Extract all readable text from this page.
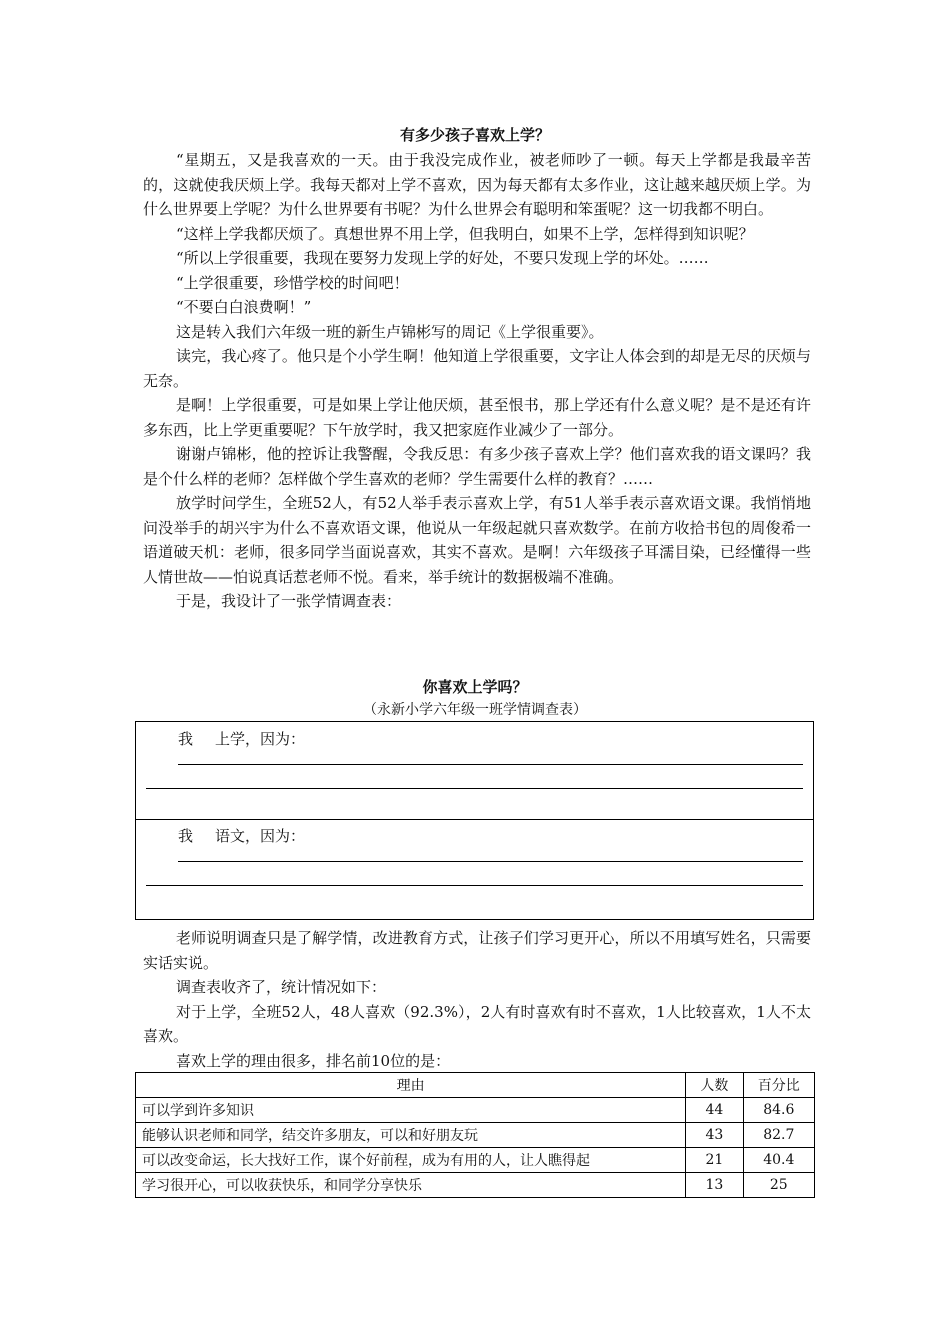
有多少孩子喜欢上学？

“星期五，又是我喜欢的一天。由于我没完成作业，被老师吵了一顿。每天上学都是我最辛苦的，这就使我厌烦上学。我每天都对上学不喜欢，因为每天都有太多作业，这让越来越厌烦上学。为什么世界要上学呢？为什么世界要有书呢？为什么世界会有聪明和笨蛋呢？这一切我都不明白。

“这样上学我都厌烦了。真想世界不用上学，但我明白，如果不上学，怎样得到知识呢？

“所以上学很重要，我现在要努力发现上学的好处，不要只发现上学的坏处。……

“上学很重要，珍惜学校的时间吧！

“不要白白浪费啊！”

这是转入我们六年级一班的新生卢锦彬写的周记《上学很重要》。

读完，我心疼了。他只是个小学生啊！他知道上学很重要，文字让人体会到的却是无尽的厌烦与无奈。

是啊！上学很重要，可是如果上学让他厌烦，甚至恨书，那上学还有什么意义呢？是不是还有许多东西，比上学更重要呢？下午放学时，我又把家庭作业减少了一部分。

谢谢卢锦彬，他的控诉让我警醒，令我反思：有多少孩子喜欢上学？他们喜欢我的语文课吗？我是个什么样的老师？怎样做个学生喜欢的老师？学生需要什么样的教育？……

放学时问学生，全班52人，有52人举手表示喜欢上学，有51人举手表示喜欢语文课。我悄悄地问没举手的胡兴宇为什么不喜欢语文课，他说从一年级起就只喜欢数学。在前方收拾书包的周俊希一语道破天机：老师，很多同学当面说喜欢，其实不喜欢。是啊！六年级孩子耳濡目染，已经懂得一些人情世故——怕说真话惹老师不悦。看来，举手统计的数据极端不准确。

于是，我设计了一张学情调查表：

你喜欢上学吗？
（永新小学六年级一班学情调查表）
我 上学，因为：
我 语文，因为：

老师说明调查只是了解学情，改进教育方式，让孩子们学习更开心，所以不用填写姓名，只需要实话实说。

调查表收齐了，统计情况如下：

对于上学，全班52人，48人喜欢（92.3%），2人有时喜欢有时不喜欢，1人比较喜欢，1人不太喜欢。

喜欢上学的理由很多，排名前10位的是：

理由	人数	百分比
可以学到许多知识	44	84.6
能够认识老师和同学，结交许多朋友，可以和好朋友玩	43	82.7
可以改变命运，长大找好工作，谋个好前程，成为有用的人，让人瞧得起	21	40.4
学习很开心，可以收获快乐，和同学分享快乐	13	25
